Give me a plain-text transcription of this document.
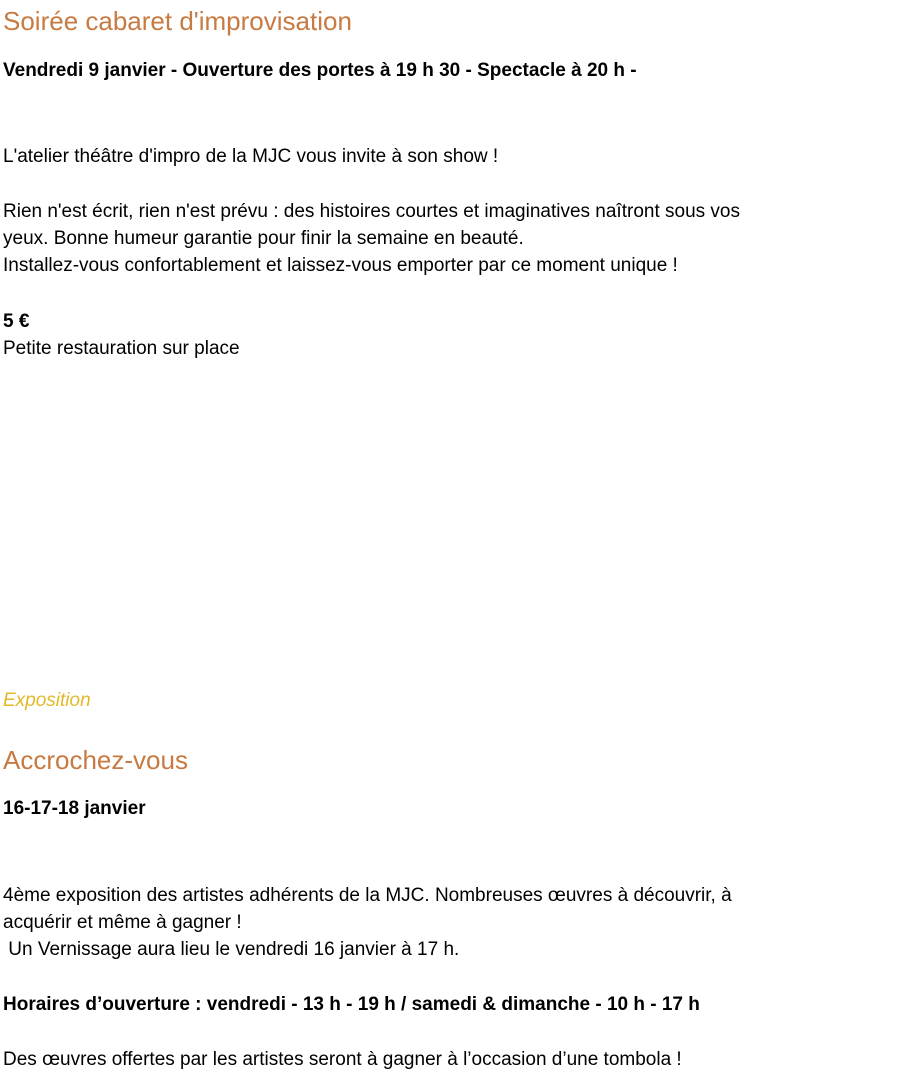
Soirée cabaret d'improvisation
Vendredi 9 janvier - Ouverture des portes à 19 h 30 - Spectacle à 20 h -
L'atelier théâtre d'impro de la MJC vous invite à son show !
Rien n'est écrit, rien n'est prévu : des histoires courtes et imaginatives naîtront sous vos
yeux. Bonne humeur garantie pour finir la semaine en beauté.
Installez-vous confortablement et laissez-vous emporter par ce moment unique !
5 €
Petite restauration sur place
Exposition
Accrochez-vous
16-17-18 janvier
4ème exposition des artistes adhérents de la MJC. Nombreuses œuvres à découvrir, à
acquérir et même à gagner !
Un Vernissage aura lieu le vendredi 16 janvier à 17 h.
Horaires d’ouverture : vendredi - 13 h - 19 h / samedi & dimanche - 10 h - 17 h
Des œuvres offertes par les artistes seront à gagner à l’occasion d’une tombola !
